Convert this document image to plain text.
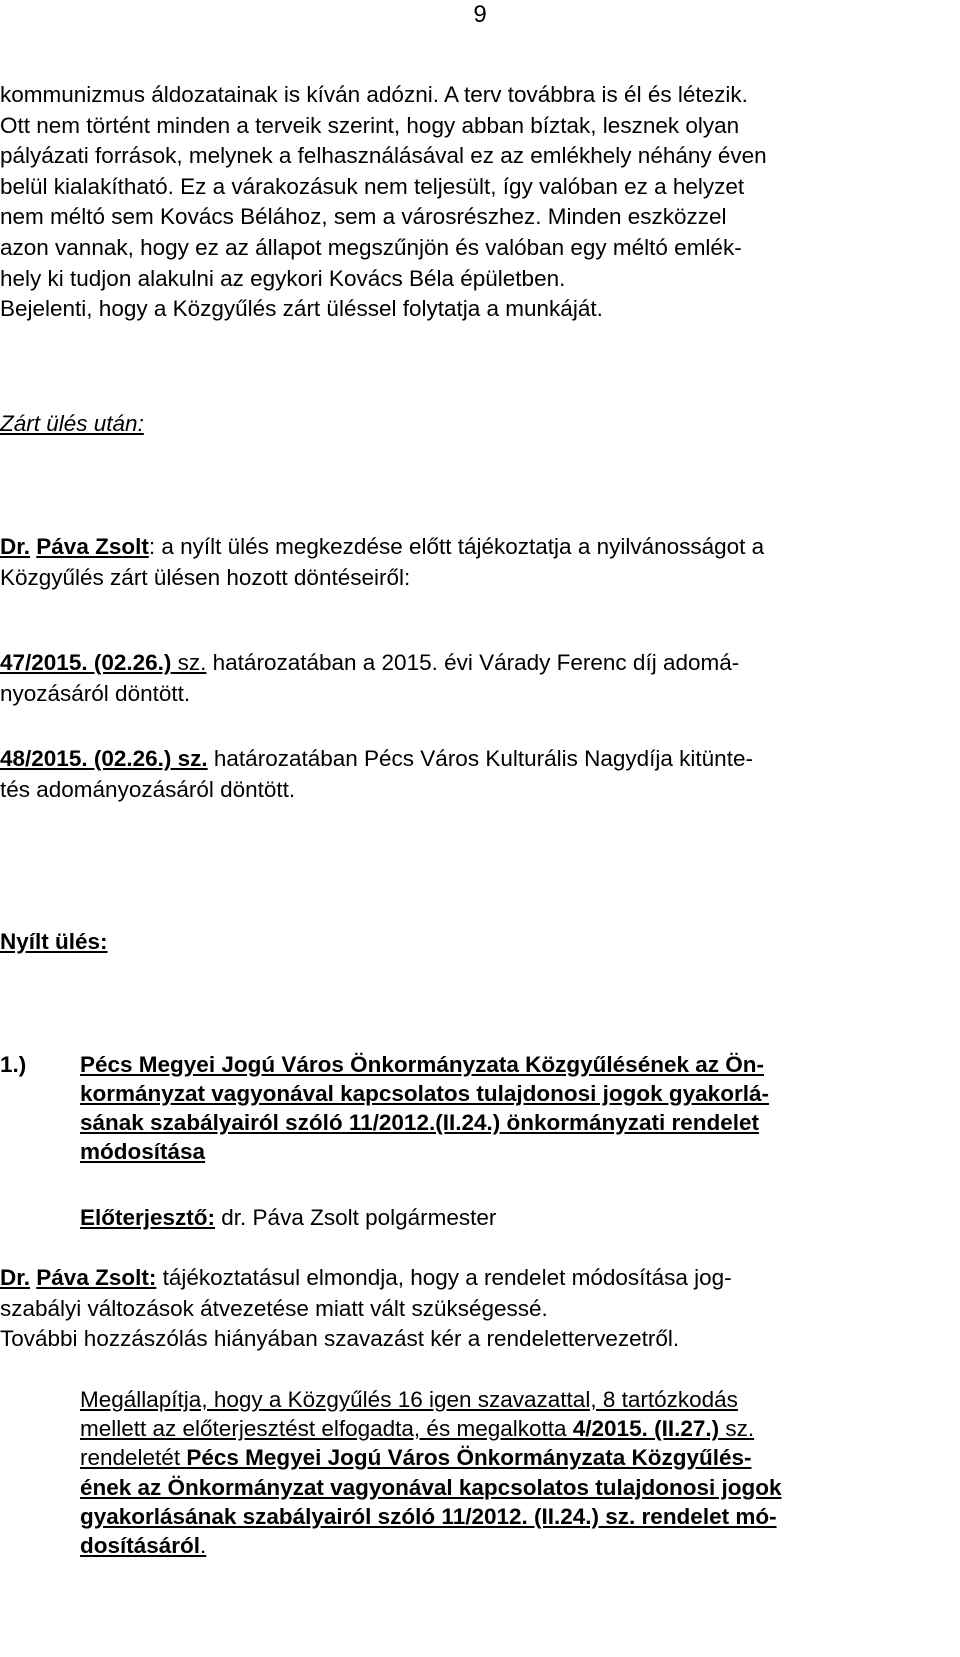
9
kommunizmus áldozatainak is kíván adózni. A terv továbbra is él és létezik.
Ott nem történt minden a terveik szerint, hogy abban bíztak, lesznek olyan
pályázati források, melynek a felhasználásával ez az emlékhely néhány éven
belül kialakítható. Ez a várakozásuk nem teljesült, így valóban ez a helyzet
nem méltó sem Kovács Bélához, sem a városrészhez. Minden eszközzel
azon vannak, hogy ez az állapot megszűnjön és valóban egy méltó emlék-
hely ki tudjon alakulni az egykori Kovács Béla épületben.
Bejelenti, hogy a Közgyűlés zárt üléssel folytatja a munkáját.
Zárt ülés után:
Dr. Páva Zsolt: a nyílt ülés megkezdése előtt tájékoztatja a nyilvánosságot a
Közgyűlés zárt ülésen hozott döntéseiről:
47/2015. (02.26.) sz. határozatában a 2015. évi Várady Ferenc díj adomá-
nyozásáról döntött.
48/2015. (02.26.) sz. határozatában Pécs Város Kulturális Nagydíja kitünte-
tés adományozásáról döntött.
Nyílt ülés:
1.) Pécs Megyei Jogú Város Önkormányzata Közgyűlésének az Ön-
kormányzat vagyonával kapcsolatos tulajdonosi jogok gyakorlá-
sának szabályairól szóló 11/2012.(II.24.) önkormányzati rendelet
módosítása
Előterjesztő: dr. Páva Zsolt polgármester
Dr. Páva Zsolt: tájékoztatásul elmondja, hogy a rendelet módosítása jog-
szabályi változások átvezetése miatt vált szükségessé.
További hozzászólás hiányában szavazást kér a rendelettervezetről.
Megállapítja, hogy a Közgyűlés 16 igen szavazattal, 8 tartózkodás
mellett az előterjesztést elfogadta, és megalkotta 4/2015. (II.27.) sz.
rendeletét Pécs Megyei Jogú Város Önkormányzata Közgyűlés-
ének az Önkormányzat vagyonával kapcsolatos tulajdonosi jogok
gyakorlásának szabályairól szóló 11/2012. (II.24.) sz. rendelet mó-
dosításáról.
